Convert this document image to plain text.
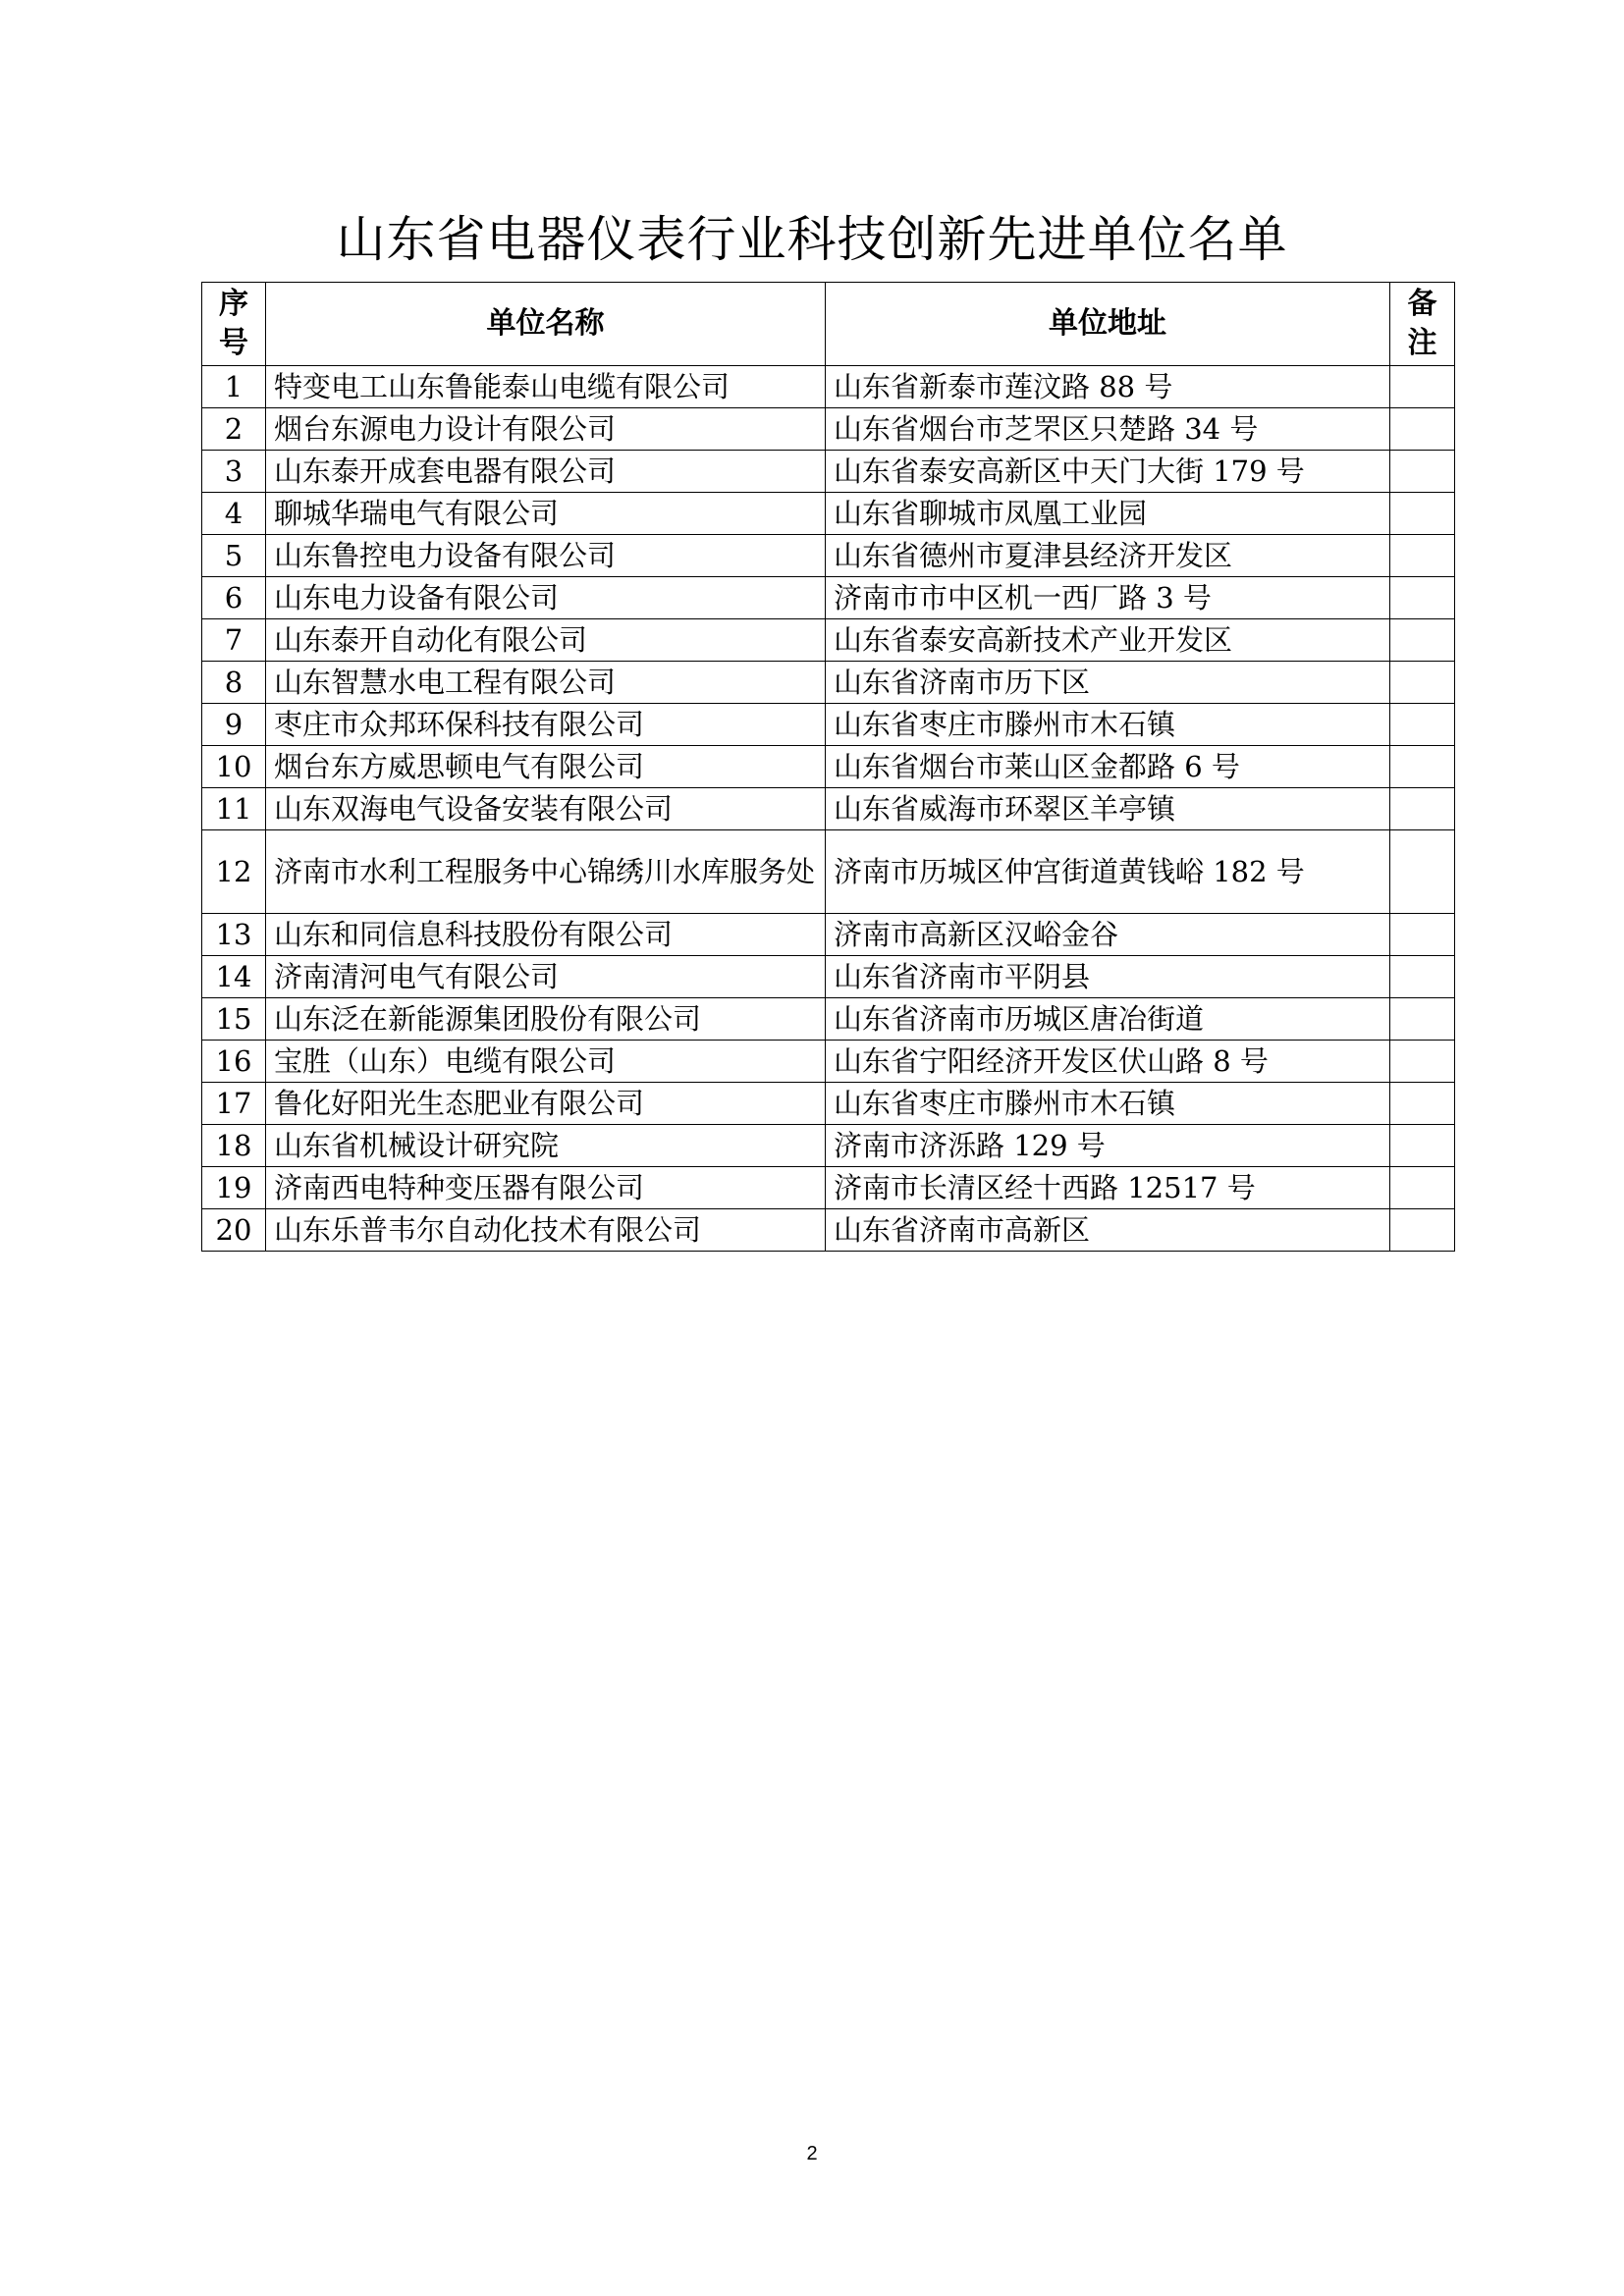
山东省电器仪表行业科技创新先进单位名单
序号	单位名称	单位地址	备注
1	特变电工山东鲁能泰山电缆有限公司	山东省新泰市莲汶路 88 号	
2	烟台东源电力设计有限公司	山东省烟台市芝罘区只楚路 34 号	
3	山东泰开成套电器有限公司	山东省泰安高新区中天门大街 179 号	
4	聊城华瑞电气有限公司	山东省聊城市凤凰工业园	
5	山东鲁控电力设备有限公司	山东省德州市夏津县经济开发区	
6	山东电力设备有限公司	济南市市中区机一西厂路 3 号	
7	山东泰开自动化有限公司	山东省泰安高新技术产业开发区	
8	山东智慧水电工程有限公司	山东省济南市历下区	
9	枣庄市众邦环保科技有限公司	山东省枣庄市滕州市木石镇	
10	烟台东方威思顿电气有限公司	山东省烟台市莱山区金都路 6 号	
11	山东双海电气设备安装有限公司	山东省威海市环翠区羊亭镇	
12	济南市水利工程服务中心锦绣川水库服务处	济南市历城区仲宫街道黄钱峪 182 号	
13	山东和同信息科技股份有限公司	济南市高新区汉峪金谷	
14	济南清河电气有限公司	山东省济南市平阴县	
15	山东泛在新能源集团股份有限公司	山东省济南市历城区唐冶街道	
16	宝胜（山东）电缆有限公司	山东省宁阳经济开发区伏山路 8 号	
17	鲁化好阳光生态肥业有限公司	山东省枣庄市滕州市木石镇	
18	山东省机械设计研究院	济南市济泺路 129 号	
19	济南西电特种变压器有限公司	济南市长清区经十西路 12517 号	
20	山东乐普韦尔自动化技术有限公司	山东省济南市高新区	
2
